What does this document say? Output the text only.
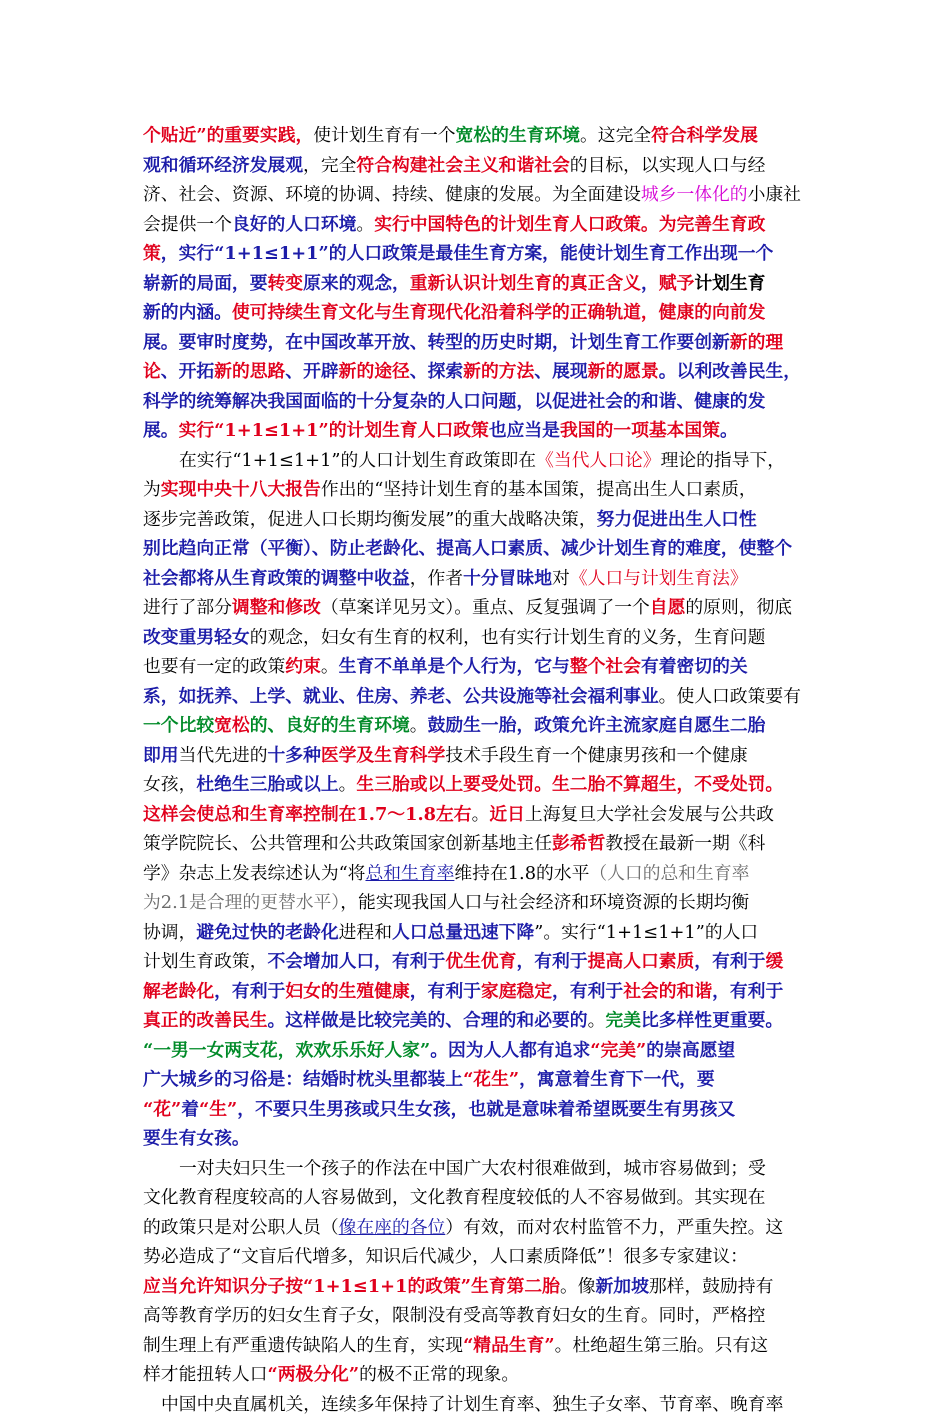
个贴近”的重要实践，使计划生育有一个宽松的生育环境。这完全符合科学发展
观和循环经济发展观，完全符合构建社会主义和谐社会的目标，以实现人口与经
济、社会、资源、环境的协调、持续、健康的发展。为全面建设城乡一体化的小康社
会提供一个良好的人口环境。实行中国特色的计划生育人口政策。为完善生育政
策，实行“1+1≤1+1”的人口政策是最佳生育方案，能使计划生育工作出现一个
崭新的局面，要转变原来的观念，重新认识计划生育的真正含义，赋予计划生育
新的内涵。使可持续生育文化与生育现代化沿着科学的正确轨道，健康的向前发
展。要审时度势，在中国改革开放、转型的历史时期，计划生育工作要创新新的理
论、开拓新的思路、开辟新的途径、探索新的方法、展现新的愿景。以利改善民生，
科学的统筹解决我国面临的十分复杂的人口问题，以促进社会的和谐、健康的发
展。实行“1+1≤1+1”的计划生育人口政策也应当是我国的一项基本国策。

在实行“1+1≤1+1”的人口计划生育政策即在《当代人口论》理论的指导下，
为实现中央十八大报告作出的“坚持计划生育的基本国策，提高出生人口素质，
逐步完善政策，促进人口长期均衡发展”的重大战略决策，努力促进出生人口性
别比趋向正常（平衡）、防止老龄化、提高人口素质、减少计划生育的难度，使整个
社会都将从生育政策的调整中收益，作者十分冒昧地对《人口与计划生育法》
进行了部分调整和修改（草案详见另文）。重点、反复强调了一个自愿的原则，彻底
改变重男轻女的观念，妇女有生育的权利，也有实行计划生育的义务，生育问题
也要有一定的政策约束。生育不单单是个人行为，它与整个社会有着密切的关
系，如抚养、上学、就业、住房、养老、公共设施等社会福利事业。使人口政策要有
一个比较宽松的、良好的生育环境。鼓励生一胎，政策允许主流家庭自愿生二胎
即用当代先进的十多种医学及生育科学技术手段生育一个健康男孩和一个健康
女孩，杜绝生三胎或以上。生三胎或以上要受处罚。生二胎不算超生，不受处罚。
这样会使总和生育率控制在1.7～1.8左右。近日上海复旦大学社会发展与公共政
策学院院长、公共管理和公共政策国家创新基地主任彭希哲教授在最新一期《科
学》杂志上发表综述认为“将总和生育率维持在1.8的水平（人口的总和生育率
为2.1是合理的更替水平），能实现我国人口与社会经济和环境资源的长期均衡
协调，避免过快的老龄化进程和人口总量迅速下降”。实行“1+1≤1+1”的人口
计划生育政策，不会增加人口，有利于优生优育，有利于提高人口素质，有利于缓
解老龄化，有利于妇女的生殖健康，有利于家庭稳定，有利于社会的和谐，有利于
真正的改善民生。这样做是比较完美的、合理的和必要的。完美比多样性更重要。
“一男一女两支花，欢欢乐乐好人家”。因为人人都有追求“完美”的崇高愿望
广大城乡的习俗是：结婚时枕头里都装上“花生”，寓意着生育下一代，要
“花”着“生”，不要只生男孩或只生女孩，也就是意味着希望既要生有男孩又
要生有女孩。

一对夫妇只生一个孩子的作法在中国广大农村很难做到，城市容易做到；受
文化教育程度较高的人容易做到，文化教育程度较低的人不容易做到。其实现在
的政策只是对公职人员（像在座的各位）有效，而对农村监管不力，严重失控。这
势必造成了“文盲后代增多，知识后代减少，人口素质降低”！很多专家建议：
应当允许知识分子按“1+1≤1+1的政策”生育第二胎。像新加坡那样，鼓励持有
高等教育学历的妇女生育子女，限制没有受高等教育妇女的生育。同时，严格控
制生理上有严重遗传缺陷人的生育，实现“精品生育”。杜绝超生第三胎。只有这
样才能扭转人口“两极分化”的极不正常的现象。

中国中央直属机关，连续多年保持了计划生育率、独生子女率、节育率、晚育率
